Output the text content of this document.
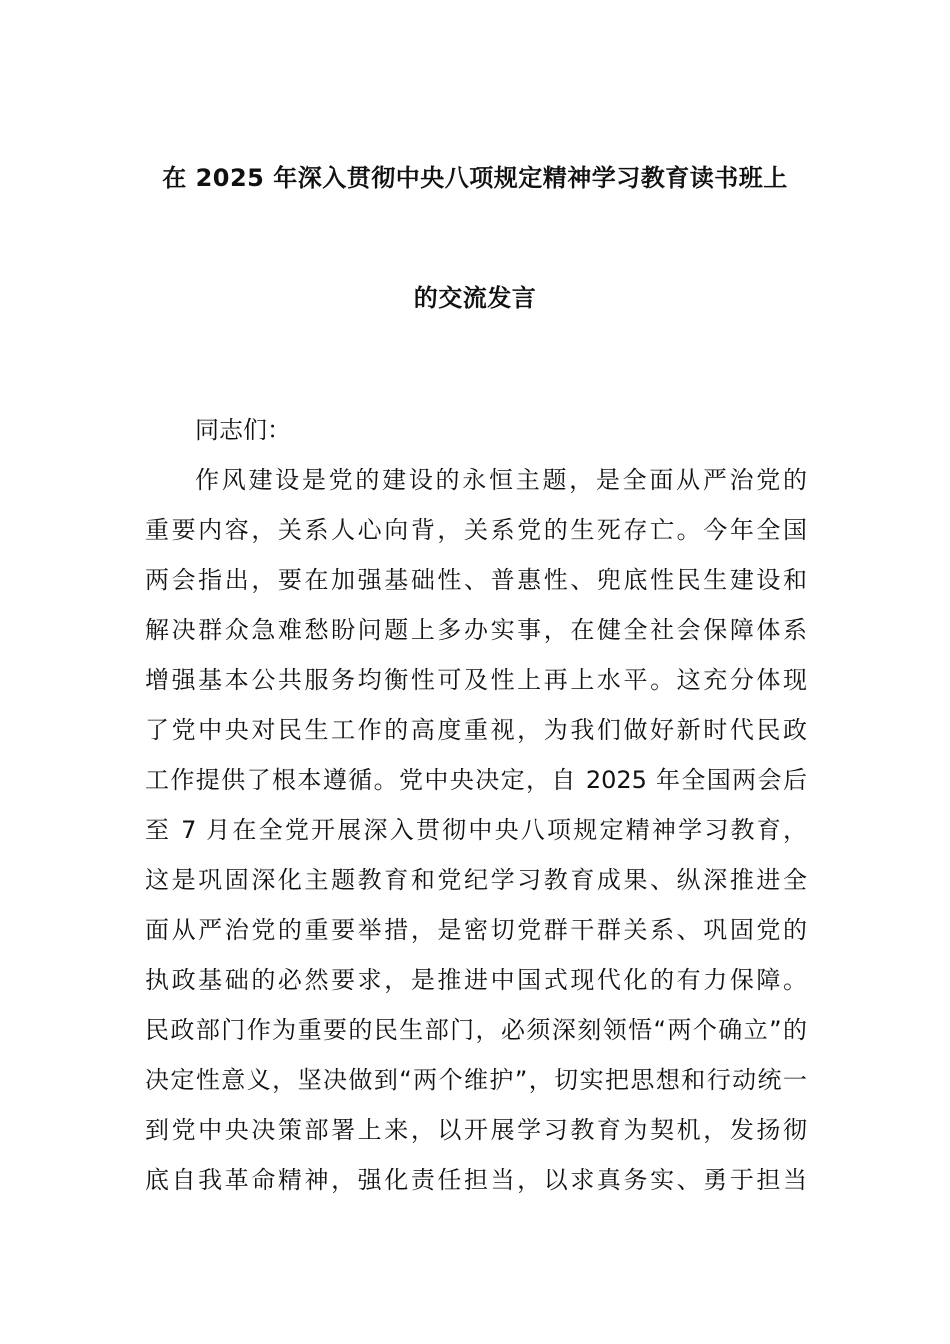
在 2025 年深入贯彻中央八项规定精神学习教育读书班上
的交流发言
同志们：
作风建设是党的建设的永恒主题，是全面从严治党的
重要内容，关系人心向背，关系党的生死存亡。今年全国
两会指出，要在加强基础性、普惠性、兜底性民生建设和
解决群众急难愁盼问题上多办实事，在健全社会保障体系
增强基本公共服务均衡性可及性上再上水平。这充分体现
了党中央对民生工作的高度重视，为我们做好新时代民政
工作提供了根本遵循。党中央决定，自 2025 年全国两会后
至 7 月在全党开展深入贯彻中央八项规定精神学习教育，
这是巩固深化主题教育和党纪学习教育成果、纵深推进全
面从严治党的重要举措，是密切党群干群关系、巩固党的
执政基础的必然要求，是推进中国式现代化的有力保障。
民政部门作为重要的民生部门，必须深刻领悟“两个确立”的
决定性意义，坚决做到“两个维护”，切实把思想和行动统一
到党中央决策部署上来，以开展学习教育为契机，发扬彻
底自我革命精神，强化责任担当，以求真务实、勇于担当
